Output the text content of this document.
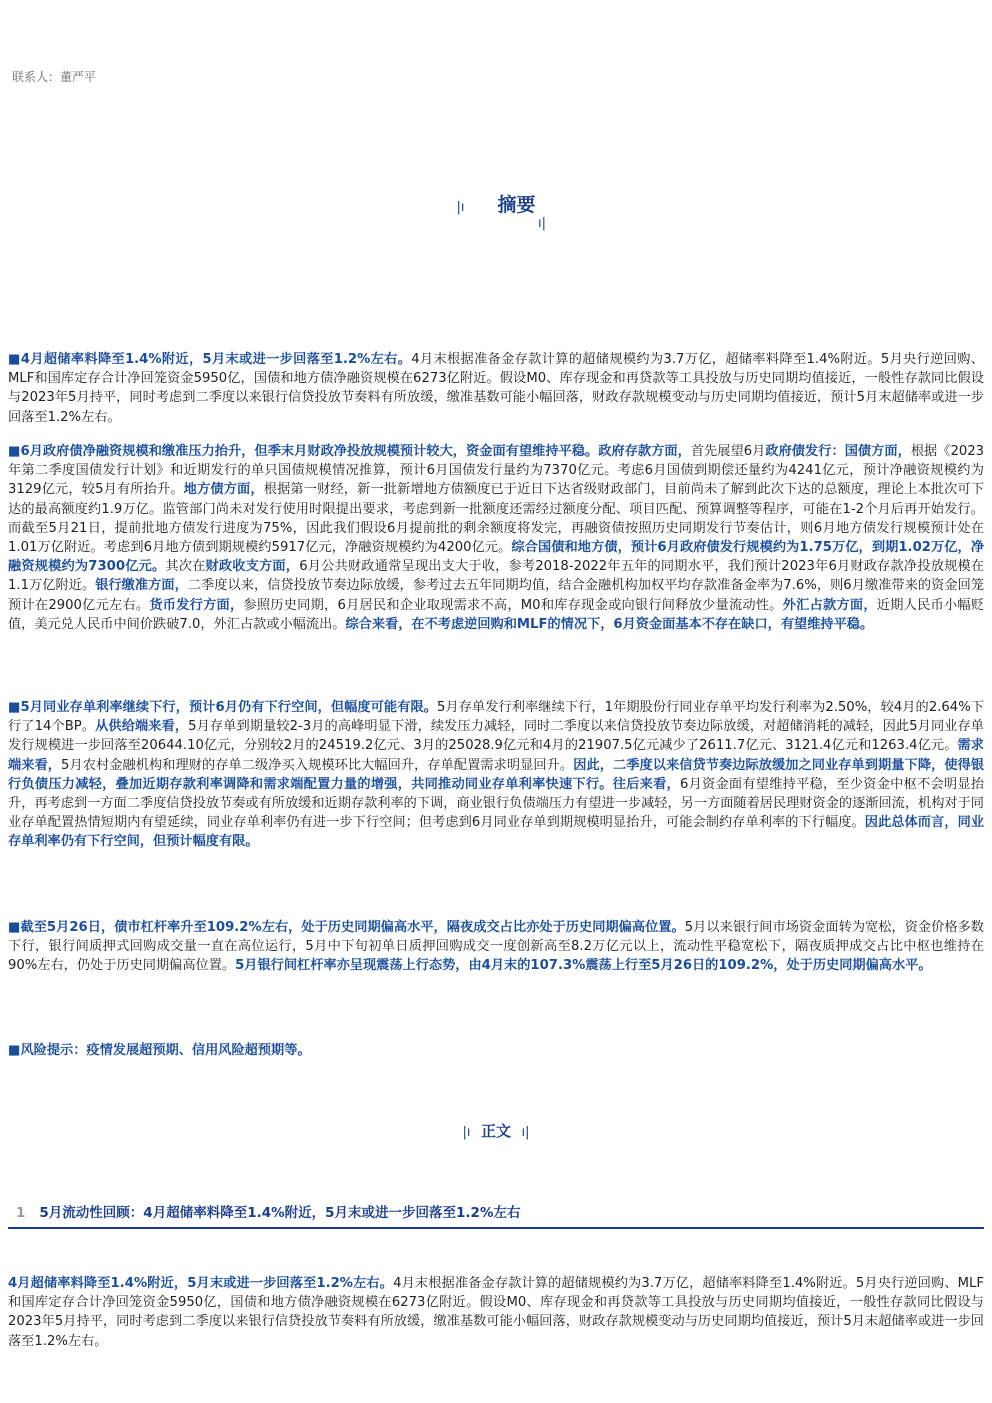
联系人：董严平
|ı 摘要
ı|
■4月超储率料降至1.4%附近，5月末或进一步回落至1.2%左右。4月末根据准备金存款计算的超储规模约为3.7万亿，超储率料降至1.4%附近。5月央行逆回购、MLF和国库定存合计净回笼资金5950亿，国债和地方债净融资规模在6273亿附近。假设M0、库存现金和再贷款等工具投放与历史同期均值接近，一般性存款同比假设与2023年5月持平，同时考虑到二季度以来银行信贷投放节奏料有所放缓，缴准基数可能小幅回落，财政存款规模变动与历史同期均值接近，预计5月末超储率或进一步回落至1.2%左右。
■6月政府债净融资规模和缴准压力抬升，但季末月财政净投放规模预计较大，资金面有望维持平稳。政府存款方面，首先展望6月政府债发行：国债方面，根据《2023年第二季度国债发行计划》和近期发行的单只国债规模情况推算，预计6月国债发行量约为7370亿元。考虑6月国债到期偿还量约为4241亿元，预计净融资规模约为3129亿元，较5月有所抬升。地方债方面，根据第一财经，新一批新增地方债额度已于近日下达省级财政部门，目前尚未了解到此次下达的总额度，理论上本批次可下达的最高额度约1.9万亿。监管部门尚未对发行使用时限提出要求，考虑到新一批额度还需经过额度分配、项目匹配、预算调整等程序，可能在1-2个月后再开始发行。而截至5月21日，提前批地方债发行进度为75%，因此我们假设6月提前批的剩余额度将发完，再融资债按照历史同期发行节奏估计，则6月地方债发行规模预计处在1.01万亿附近。考虑到6月地方债到期规模约5917亿元，净融资规模约为4200亿元。综合国债和地方债，预计6月政府债发行规模约为1.75万亿，到期1.02万亿，净融资规模约为7300亿元。其次在财政收支方面，6月公共财政通常呈现出支大于收，参考2018-2022年五年的同期水平，我们预计2023年6月财政存款净投放规模在1.1万亿附近。银行缴准方面，二季度以来，信贷投放节奏边际放缓，参考过去五年同期均值，结合金融机构加权平均存款准备金率为7.6%，则6月缴准带来的资金回笼预计在2900亿元左右。货币发行方面，参照历史同期，6月居民和企业取现需求不高，M0和库存现金或向银行间释放少量流动性。外汇占款方面，近期人民币小幅贬值，美元兑人民币中间价跌破7.0，外汇占款或小幅流出。综合来看，在不考虑逆回购和MLF的情况下，6月资金面基本不存在缺口，有望维持平稳。
■5月同业存单利率继续下行，预计6月仍有下行空间，但幅度可能有限。5月存单发行利率继续下行，1年期股份行同业存单平均发行利率为2.50%，较4月的2.64%下行了14个BP。从供给端来看，5月存单到期量较2-3月的高峰明显下滑，续发压力减轻，同时二季度以来信贷投放节奏边际放缓，对超储消耗的减轻，因此5月同业存单发行规模进一步回落至20644.10亿元，分别较2月的24519.2亿元、3月的25028.9亿元和4月的21907.5亿元减少了2611.7亿元、3121.4亿元和1263.4亿元。需求端来看，5月农村金融机构和理财的存单二级净买入规模环比大幅回升，存单配置需求明显回升。因此，二季度以来信贷节奏边际放缓加之同业存单到期量下降，使得银行负债压力减轻，叠加近期存款利率调降和需求端配置力量的增强，共同推动同业存单利率快速下行。往后来看，6月资金面有望维持平稳，至少资金中枢不会明显抬升，再考虑到一方面二季度信贷投放节奏或有所放缓和近期存款利率的下调，商业银行负债端压力有望进一步减轻，另一方面随着居民理财资金的逐渐回流，机构对于同业存单配置热情短期内有望延续，同业存单利率仍有进一步下行空间；但考虑到6月同业存单到期规模明显抬升，可能会制约存单利率的下行幅度。因此总体而言，同业存单利率仍有下行空间，但预计幅度有限。
■截至5月26日，债市杠杆率升至109.2%左右，处于历史同期偏高水平，隔夜成交占比亦处于历史同期偏高位置。5月以来银行间市场资金面转为宽松，资金价格多数下行，银行间质押式回购成交量一直在高位运行，5月中下旬初单日质押回购成交一度创新高至8.2万亿元以上，流动性平稳宽松下，隔夜质押成交占比中枢也维持在90%左右，仍处于历史同期偏高位置。5月银行间杠杆率亦呈现震荡上行态势，由4月末的107.3%震荡上行至5月26日的109.2%，处于历史同期偏高水平。
■风险提示：疫情发展超预期、信用风险超预期等。
|ı 正文 ı|
1 5月流动性回顾：4月超储率料降至1.4%附近，5月末或进一步回落至1.2%左右
4月超储率料降至1.4%附近，5月末或进一步回落至1.2%左右。4月末根据准备金存款计算的超储规模约为3.7万亿，超储率料降至1.4%附近。5月央行逆回购、MLF和国库定存合计净回笼资金5950亿，国债和地方债净融资规模在6273亿附近。假设M0、库存现金和再贷款等工具投放与历史同期均值接近，一般性存款同比假设与2023年5月持平，同时考虑到二季度以来银行信贷投放节奏料有所放缓，缴准基数可能小幅回落，财政存款规模变动与历史同期均值接近，预计5月末超储率或进一步回落至1.2%左右。
